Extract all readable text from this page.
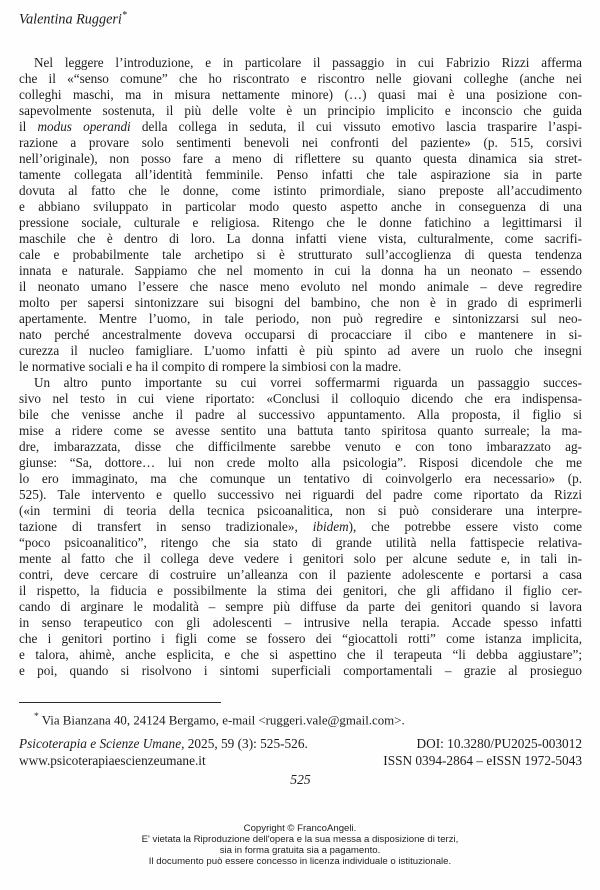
Valentina Ruggeri*
Nel leggere l’introduzione, e in particolare il passaggio in cui Fabrizio Rizzi afferma
che il «“senso comune” che ho riscontrato e riscontro nelle giovani colleghe (anche nei
colleghi maschi, ma in misura nettamente minore) (…) quasi mai è una posizione con-
sapevolmente sostenuta, il più delle volte è un principio implicito e inconscio che guida
il modus operandi della collega in seduta, il cui vissuto emotivo lascia trasparire l’aspi-
razione a provare solo sentimenti benevoli nei confronti del paziente» (p. 515, corsivi
nell’originale), non posso fare a meno di riflettere su quanto questa dinamica sia stret-
tamente collegata all’identità femminile. Penso infatti che tale aspirazione sia in parte
dovuta al fatto che le donne, come istinto primordiale, siano preposte all’accudimento
e abbiano sviluppato in particolar modo questo aspetto anche in conseguenza di una
pressione sociale, culturale e religiosa. Ritengo che le donne fatichino a legittimarsi il
maschile che è dentro di loro. La donna infatti viene vista, culturalmente, come sacrifi-
cale e probabilmente tale archetipo si è strutturato sull’accoglienza di questa tendenza
innata e naturale. Sappiamo che nel momento in cui la donna ha un neonato – essendo
il neonato umano l’essere che nasce meno evoluto nel mondo animale – deve regredire
molto per sapersi sintonizzare sui bisogni del bambino, che non è in grado di esprimerli
apertamente. Mentre l’uomo, in tale periodo, non può regredire e sintonizzarsi sul neo-
nato perché ancestralmente doveva occuparsi di procacciare il cibo e mantenere in si-
curezza il nucleo famigliare. L’uomo infatti è più spinto ad avere un ruolo che insegni
le normative sociali e ha il compito di rompere la simbiosi con la madre.
Un altro punto importante su cui vorrei soffermarmi riguarda un passaggio succes-
sivo nel testo in cui viene riportato: «Conclusi il colloquio dicendo che era indispensa-
bile che venisse anche il padre al successivo appuntamento. Alla proposta, il figlio si
mise a ridere come se avesse sentito una battuta tanto spiritosa quanto surreale; la ma-
dre, imbarazzata, disse che difficilmente sarebbe venuto e con tono imbarazzato ag-
giunse: “Sa, dottore… lui non crede molto alla psicologia”. Risposi dicendole che me
lo ero immaginato, ma che comunque un tentativo di coinvolgerlo era necessario» (p.
525). Tale intervento e quello successivo nei riguardi del padre come riportato da Rizzi
(«in termini di teoria della tecnica psicoanalitica, non si può considerare una interpre-
tazione di transfert in senso tradizionale», ibidem), che potrebbe essere visto come
“poco psicoanalitico”, ritengo che sia stato di grande utilità nella fattispecie relativa-
mente al fatto che il collega deve vedere i genitori solo per alcune sedute e, in tali in-
contri, deve cercare di costruire un’alleanza con il paziente adolescente e portarsi a casa
il rispetto, la fiducia e possibilmente la stima dei genitori, che gli affidano il figlio cer-
cando di arginare le modalità – sempre più diffuse da parte dei genitori quando si lavora
in senso terapeutico con gli adolescenti – intrusive nella terapia. Accade spesso infatti
che i genitori portino i figli come se fossero dei “giocattoli rotti” come istanza implicita,
e talora, ahimè, anche esplicita, e che si aspettino che il terapeuta “li debba aggiustare”;
e poi, quando si risolvono i sintomi superficiali comportamentali – grazie al prosieguo
* Via Bianzana 40, 24124 Bergamo, e-mail <ruggeri.vale@gmail.com>.
Psicoterapia e Scienze Umane, 2025, 59 (3): 525-526.	DOI: 10.3280/PU2025-003012
www.psicoterapiaescienzeumane.it	ISSN 0394-2864 – eISSN 1972-5043
525
Copyright © FrancoAngeli.
E' vietata la Riproduzione dell'opera e la sua messa a disposizione di terzi,
sia in forma gratuita sia a pagamento.
Il documento può essere concesso in licenza individuale o istituzionale.
